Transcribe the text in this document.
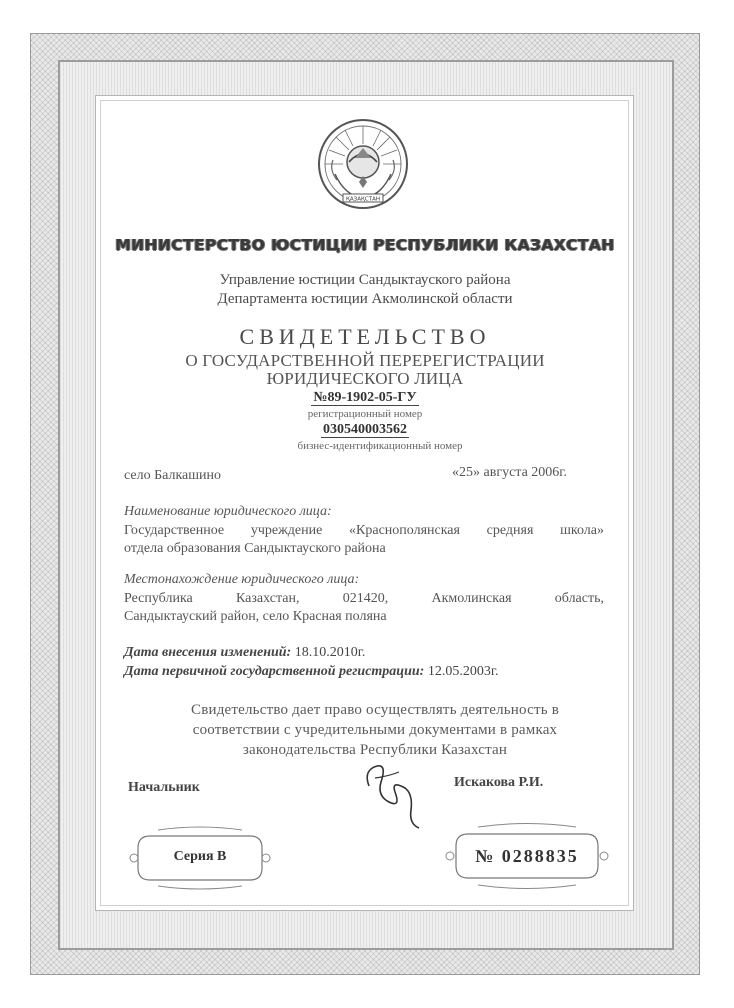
ҚАЗАҚСТАН
МИНИСТЕРСТВО ЮСТИЦИИ РЕСПУБЛИКИ КАЗАХСТАН
Управление юстиции Сандыктауского района
Департамента юстиции Акмолинской области
СВИДЕТЕЛЬСТВО
О ГОСУДАРСТВЕННОЙ ПЕРЕРЕГИСТРАЦИИ
ЮРИДИЧЕСКОГО ЛИЦА
№89-1902-05-ГУ
регистрационный номер
030540003562
бизнес-идентификационный номер
село Балкашино	«25» августа 2006г.
Наименование юридического лица:
Государственное учреждение «Краснополянская средняя школа»
отдела образования Сандыктауского района
Местонахождение юридического лица:
Республика Казахстан, 021420, Акмолинская область,
Сандыктауский район, село Красная поляна
Дата внесения изменений: 18.10.2010г.
Дата первичной государственной регистрации: 12.05.2003г.
Свидетельство дает право осуществлять деятельность в
соответствии с учредительными документами в рамках
законодательства Республики Казахстан
Начальник	Искакова Р.И.
Серия В	№ 0288835
